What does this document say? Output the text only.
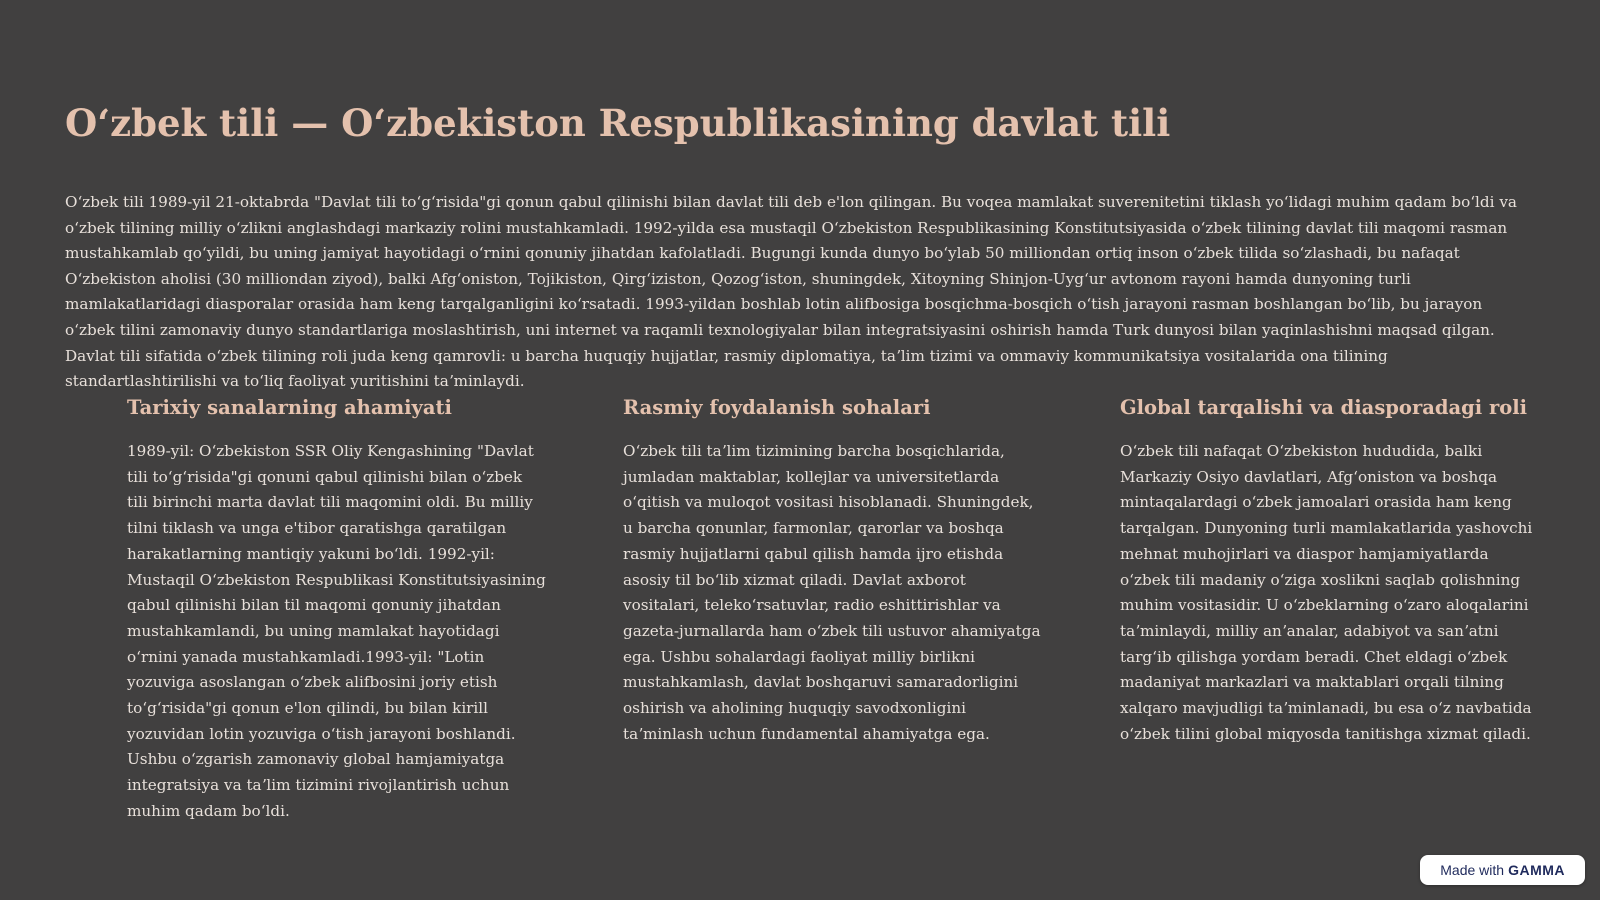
Oʻzbek tili — Oʻzbekiston Respublikasining davlat tili

Oʻzbek tili 1989-yil 21-oktabrda "Davlat tili toʻgʻrisida"gi qonun qabul qilinishi bilan davlat tili deb e'lon qilingan. Bu voqea mamlakat suverenitetini tiklash yoʻlidagi muhim qadam boʻldi va oʻzbek tilining milliy oʻzlikni anglashdagi markaziy rolini mustahkamladi. 1992-yilda esa mustaqil Oʻzbekiston Respublikasining Konstitutsiyasida oʻzbek tilining davlat tili maqomi rasman mustahkamlab qoʻyildi, bu uning jamiyat hayotidagi oʻrnini qonuniy jihatdan kafolatladi. Bugungi kunda dunyo boʻylab 50 milliondan ortiq inson oʻzbek tilida soʻzlashadi, bu nafaqat Oʻzbekiston aholisi (30 milliondan ziyod), balki Afgʻoniston, Tojikiston, Qirgʻiziston, Qozogʻiston, shuningdek, Xitoyning Shinjon-Uygʻur avtonom rayoni hamda dunyoning turli mamlakatlaridagi diasporalar orasida ham keng tarqalganligini koʻrsatadi. 1993-yildan boshlab lotin alifbosiga bosqichma-bosqich oʻtish jarayoni rasman boshlangan boʻlib, bu jarayon oʻzbek tilini zamonaviy dunyo standartlariga moslashtirish, uni internet va raqamli texnologiyalar bilan integratsiyasini oshirish hamda Turk dunyosi bilan yaqinlashishni maqsad qilgan. Davlat tili sifatida oʻzbek tilining roli juda keng qamrovli: u barcha huquqiy hujjatlar, rasmiy diplomatiya, taʼlim tizimi va ommaviy kommunikatsiya vositalarida ona tilining standartlashtirilishi va toʻliq faoliyat yuritishini taʼminlaydi.

Tarixiy sanalarning ahamiyati

1989-yil: Oʻzbekiston SSR Oliy Kengashining "Davlat tili toʻgʻrisida"gi qonuni qabul qilinishi bilan oʻzbek tili birinchi marta davlat tili maqomini oldi. Bu milliy tilni tiklash va unga e'tibor qaratishga qaratilgan harakatlarning mantiqiy yakuni boʻldi. 1992-yil: Mustaqil Oʻzbekiston Respublikasi Konstitutsiyasining qabul qilinishi bilan til maqomi qonuniy jihatdan mustahkamlandi, bu uning mamlakat hayotidagi oʻrnini yanada mustahkamladi.1993-yil: "Lotin yozuviga asoslangan oʻzbek alifbosini joriy etish toʻgʻrisida"gi qonun e'lon qilindi, bu bilan kirill yozuvidan lotin yozuviga oʻtish jarayoni boshlandi. Ushbu oʻzgarish zamonaviy global hamjamiyatga integratsiya va taʼlim tizimini rivojlantirish uchun muhim qadam boʻldi.

Rasmiy foydalanish sohalari

Oʻzbek tili taʼlim tizimining barcha bosqichlarida, jumladan maktablar, kollejlar va universitetlarda oʻqitish va muloqot vositasi hisoblanadi. Shuningdek, u barcha qonunlar, farmonlar, qarorlar va boshqa rasmiy hujjatlarni qabul qilish hamda ijro etishda asosiy til boʻlib xizmat qiladi. Davlat axborot vositalari, telekoʻrsatuvlar, radio eshittirishlar va gazeta-jurnallarda ham oʻzbek tili ustuvor ahamiyatga ega. Ushbu sohalardagi faoliyat milliy birlikni mustahkamlash, davlat boshqaruvi samaradorligini oshirish va aholining huquqiy savodxonligini taʼminlash uchun fundamental ahamiyatga ega.

Global tarqalishi va diasporadagi roli

Oʻzbek tili nafaqat Oʻzbekiston hududida, balki Markaziy Osiyo davlatlari, Afgʻoniston va boshqa mintaqalardagi oʻzbek jamoalari orasida ham keng tarqalgan. Dunyoning turli mamlakatlarida yashovchi mehnat muhojirlari va diaspor hamjamiyatlarda oʻzbek tili madaniy oʻziga xoslikni saqlab qolishning muhim vositasidir. U oʻzbeklarning oʻzaro aloqalarini taʼminlaydi, milliy anʼanalar, adabiyot va sanʼatni targʻib qilishga yordam beradi. Chet eldagi oʻzbek madaniyat markazlari va maktablari orqali tilning xalqaro mavjudligi taʼminlanadi, bu esa oʻz navbatida oʻzbek tilini global miqyosda tanitishga xizmat qiladi.

Made with GAMMA
